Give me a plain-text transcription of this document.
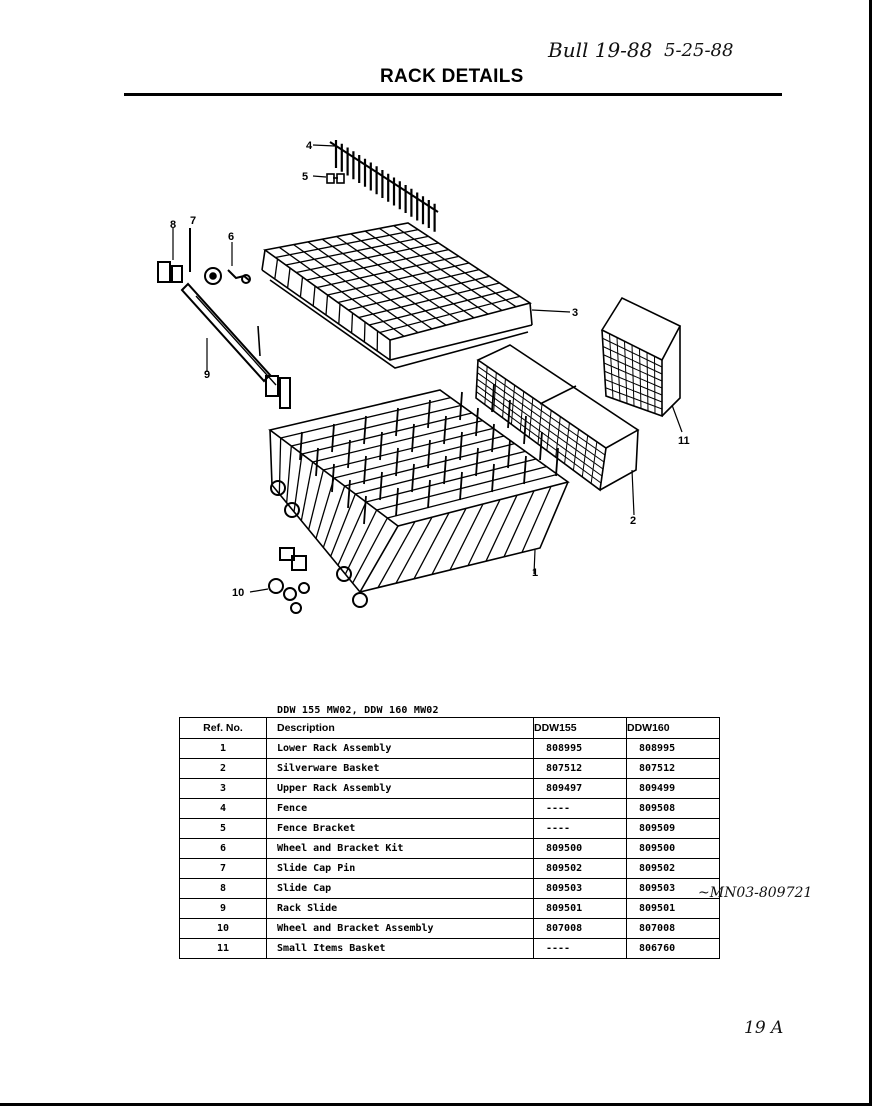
Bull 19-88 5-25-88
RACK DETAILS
1
2
3
4
5
6
7
8
9
10
11
DDW 155 MW02, DDW 160 MW02
Ref. No.	Description	DDW155	DDW160
1	Lower Rack Assembly	808995	808995
2	Silverware Basket	807512	807512
3	Upper Rack Assembly	809497	809499
4	Fence	----	809508
5	Fence Bracket	----	809509
6	Wheel and Bracket Kit	809500	809500
7	Slide Cap Pin	809502	809502
8	Slide Cap	809503	809503
9	Rack Slide	809501	809501
10	Wheel and Bracket Assembly	807008	807008
11	Small Items Basket	----	806760
~MN03-809721
19 A
